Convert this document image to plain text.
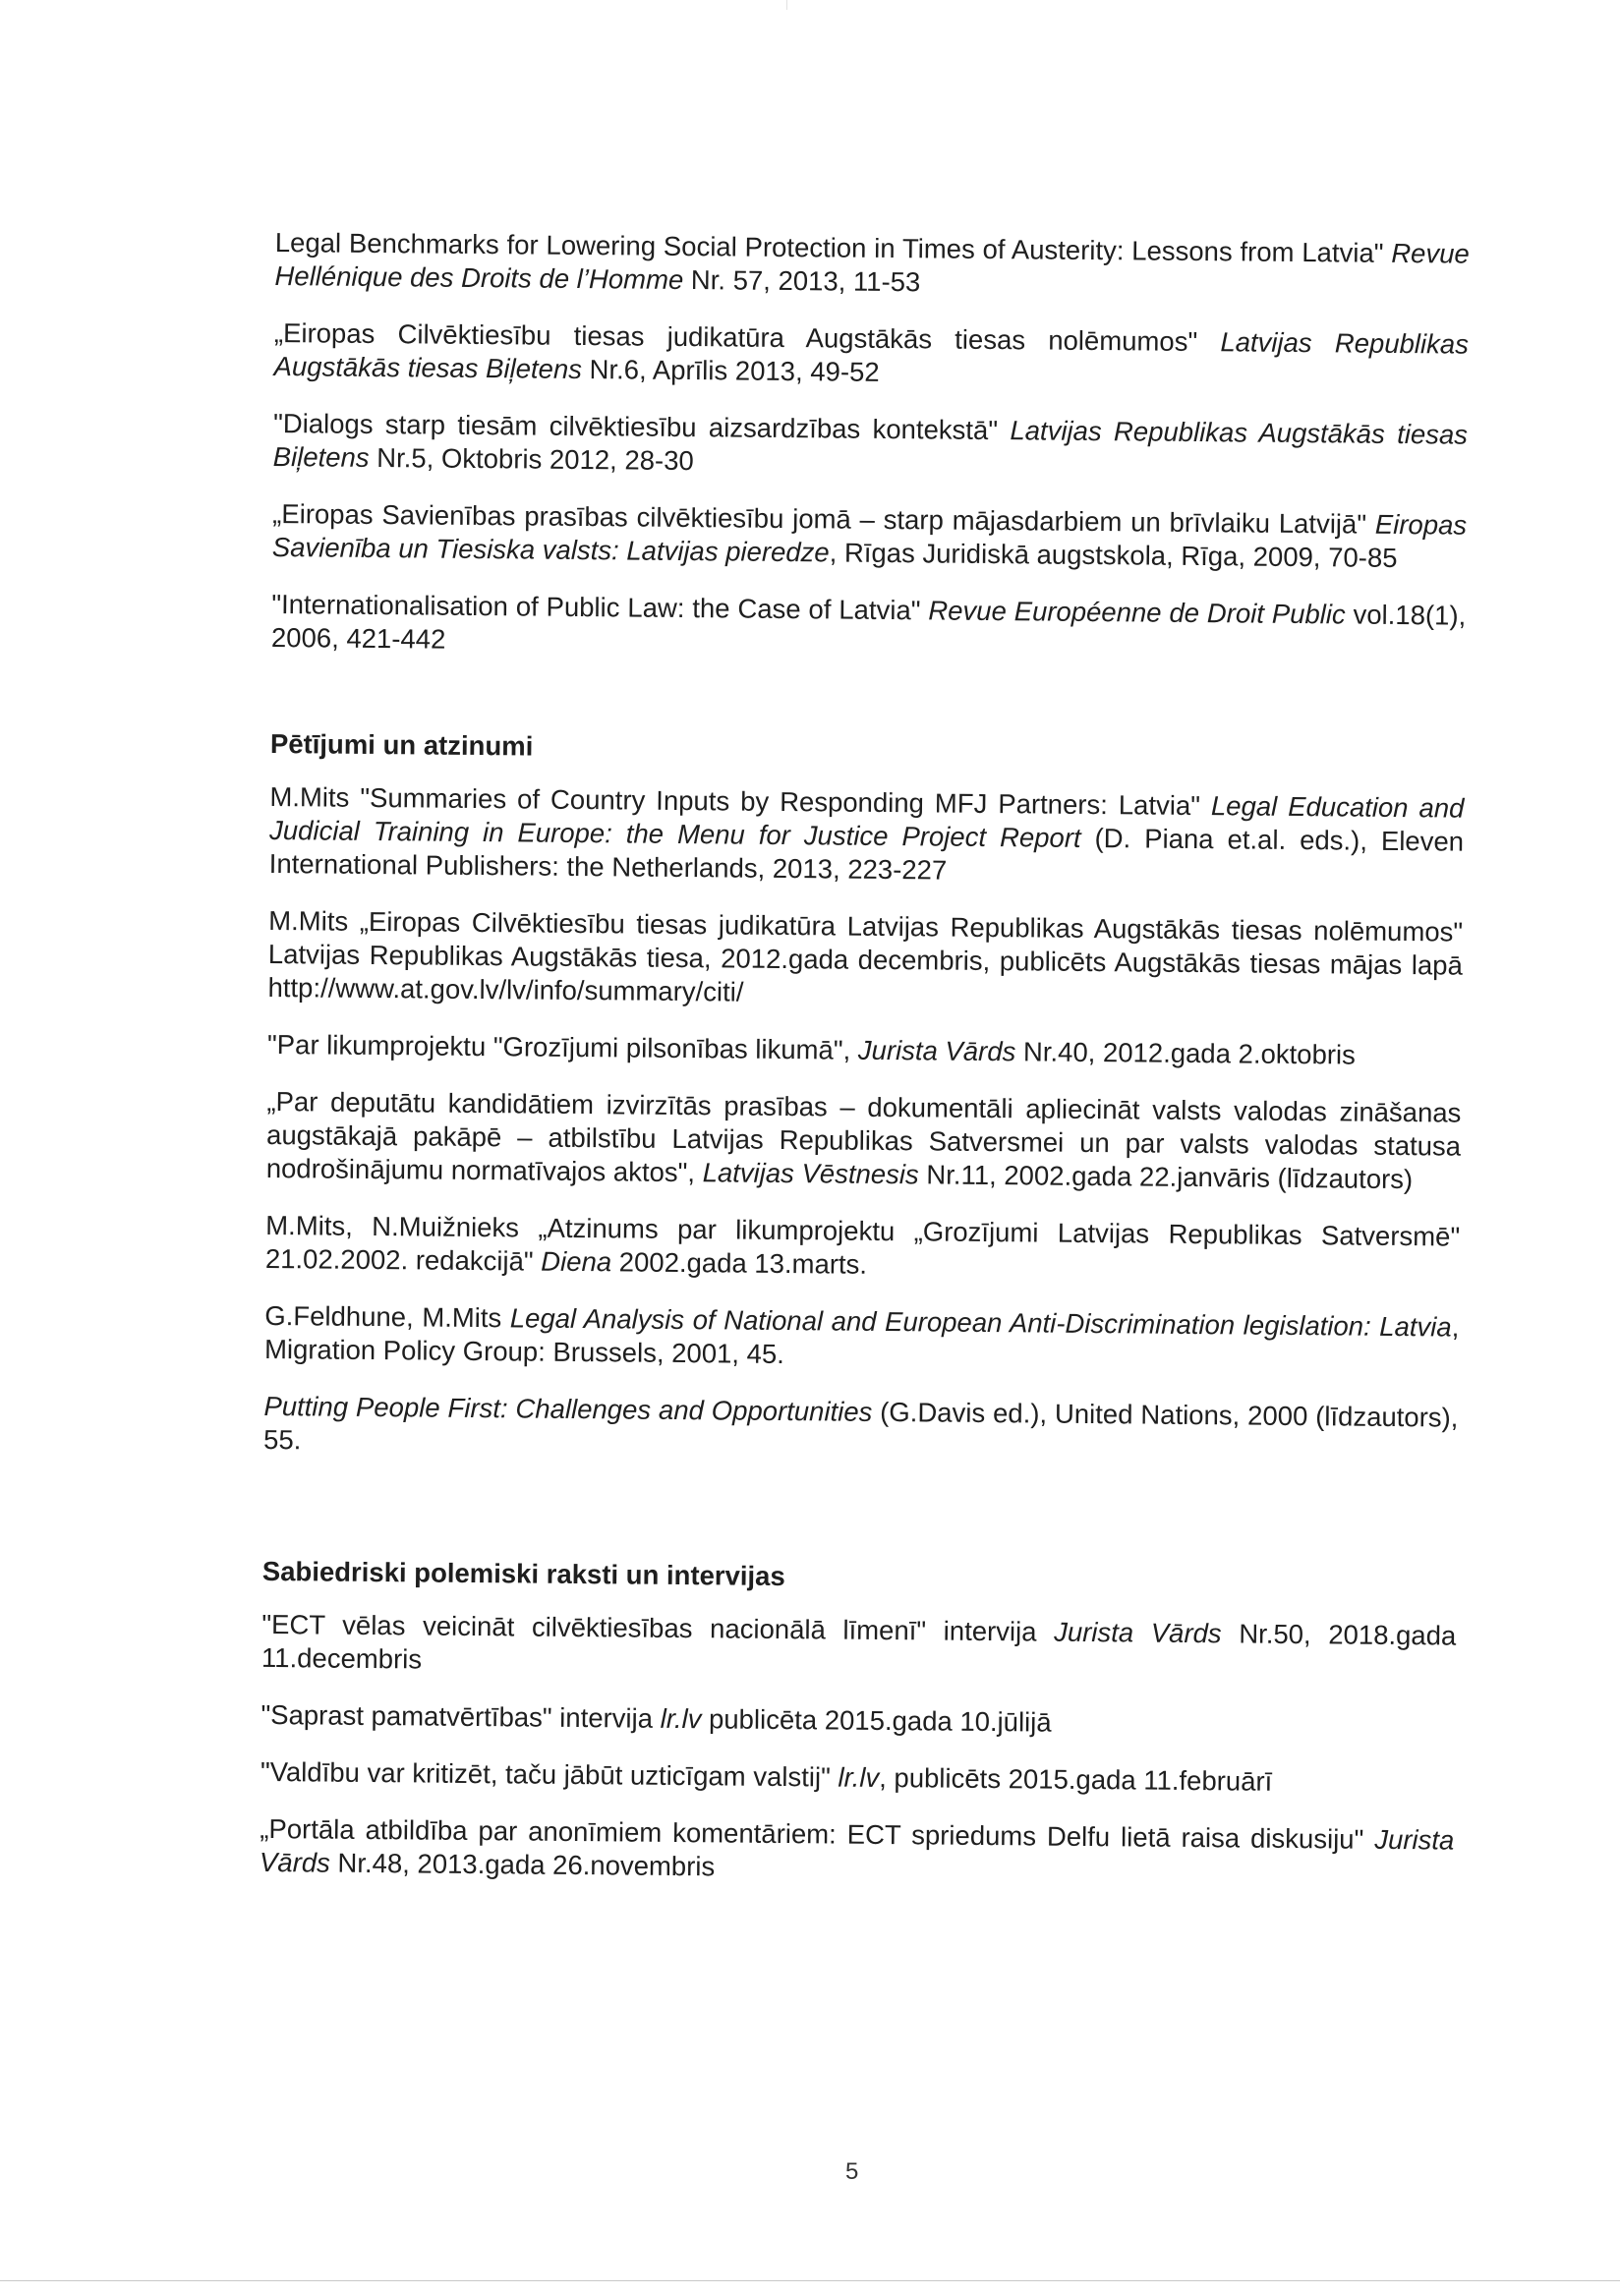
Legal Benchmarks for Lowering Social Protection in Times of Austerity: Lessons from Latvia" Revue Hellénique des Droits de l’Homme Nr. 57, 2013, 11-53
„Eiropas Cilvēktiesību tiesas judikatūra Augstākās tiesas nolēmumos" Latvijas Republikas Augstākās tiesas Biļetens Nr.6, Aprīlis 2013, 49-52
"Dialogs starp tiesām cilvēktiesību aizsardzības kontekstā" Latvijas Republikas Augstākās tiesas Biļetens Nr.5, Oktobris 2012, 28-30
„Eiropas Savienības prasības cilvēktiesību jomā – starp mājasdarbiem un brīvlaiku Latvijā" Eiropas Savienība un Tiesiska valsts: Latvijas pieredze, Rīgas Juridiskā augstskola, Rīga, 2009, 70-85
"Internationalisation of Public Law: the Case of Latvia" Revue Européenne de Droit Public vol.18(1), 2006, 421-442
Pētījumi un atzinumi
M.Mits "Summaries of Country Inputs by Responding MFJ Partners: Latvia" Legal Education and Judicial Training in Europe: the Menu for Justice Project Report (D. Piana et.al. eds.), Eleven International Publishers: the Netherlands, 2013, 223-227
M.Mits „Eiropas Cilvēktiesību tiesas judikatūra Latvijas Republikas Augstākās tiesas nolēmumos" Latvijas Republikas Augstākās tiesa, 2012.gada decembris, publicēts Augstākās tiesas mājas lapā http://www.at.gov.lv/lv/info/summary/citi/
"Par likumprojektu "Grozījumi pilsonības likumā", Jurista Vārds Nr.40, 2012.gada 2.oktobris
„Par deputātu kandidātiem izvirzītās prasības – dokumentāli apliecināt valsts valodas zināšanas augstākajā pakāpē – atbilstību Latvijas Republikas Satversmei un par valsts valodas statusa nodrošinājumu normatīvajos aktos", Latvijas Vēstnesis Nr.11, 2002.gada 22.janvāris (līdzautors)
M.Mits, N.Muižnieks „Atzinums par likumprojektu „Grozījumi Latvijas Republikas Satversmē" 21.02.2002. redakcijā" Diena 2002.gada 13.marts.
G.Feldhune, M.Mits Legal Analysis of National and European Anti-Discrimination legislation: Latvia, Migration Policy Group: Brussels, 2001, 45.
Putting People First: Challenges and Opportunities (G.Davis ed.), United Nations, 2000 (līdzautors), 55.
Sabiedriski polemiski raksti un intervijas
"ECT vēlas veicināt cilvēktiesības nacionālā līmenī" intervija Jurista Vārds Nr.50, 2018.gada 11.decembris
"Saprast pamatvērtības" intervija lr.lv publicēta 2015.gada 10.jūlijā
"Valdību var kritizēt, taču jābūt uzticīgam valstij" lr.lv, publicēts 2015.gada 11.februārī
„Portāla atbildība par anonīmiem komentāriem: ECT spriedums Delfu lietā raisa diskusiju" Jurista Vārds Nr.48, 2013.gada 26.novembris
5
